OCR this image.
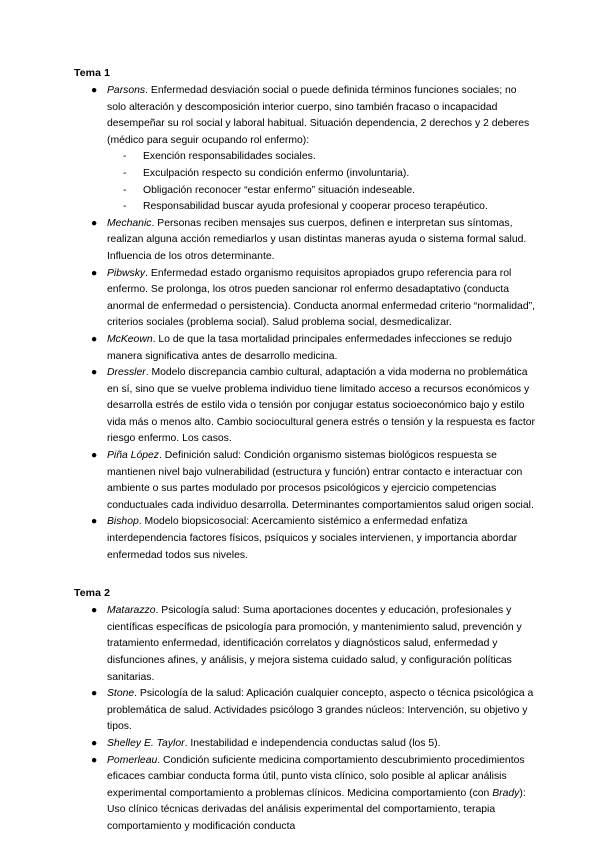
Tema 1
● Parsons. Enfermedad desviación social o puede definida términos funciones sociales; no solo alteración y descomposición interior cuerpo, sino también fracaso o incapacidad desempeñar su rol social y laboral habitual. Situación dependencia, 2 derechos y 2 deberes (médico para seguir ocupando rol enfermo):
- Exención responsabilidades sociales.
- Exculpación respecto su condición enfermo (involuntaria).
- Obligación reconocer “estar enfermo” situación indeseable.
- Responsabilidad buscar ayuda profesional y cooperar proceso terapéutico.
● Mechanic. Personas reciben mensajes sus cuerpos, definen e interpretan sus síntomas, realizan alguna acción remediarlos y usan distintas maneras ayuda o sistema formal salud. Influencia de los otros determinante.
● Pibwsky. Enfermedad estado organismo requisitos apropiados grupo referencia para rol enfermo. Se prolonga, los otros pueden sancionar rol enfermo desadaptativo (conducta anormal de enfermedad o persistencia). Conducta anormal enfermedad criterio “normalidad”, criterios sociales (problema social). Salud problema social, desmedicalizar.
● McKeown. Lo de que la tasa mortalidad principales enfermedades infecciones se redujo manera significativa antes de desarrollo medicina.
● Dressler. Modelo discrepancia cambio cultural, adaptación a vida moderna no problemática en sí, sino que se vuelve problema individuo tiene limitado acceso a recursos económicos y desarrolla estrés de estilo vida o tensión por conjugar estatus socioeconómico bajo y estilo vida más o menos alto. Cambio sociocultural genera estrés o tensión y la respuesta es factor riesgo enfermo. Los casos.
● Piña López. Definición salud: Condición organismo sistemas biológicos respuesta se mantienen nivel bajo vulnerabilidad (estructura y función) entrar contacto e interactuar con ambiente o sus partes modulado por procesos psicológicos y ejercicio competencias conductuales cada individuo desarrolla. Determinantes comportamientos salud origen social.
● Bishop. Modelo biopsicosocial: Acercamiento sistémico a enfermedad enfatiza interdependencia factores físicos, psíquicos y sociales intervienen, y importancia abordar enfermedad todos sus niveles.
Tema 2
● Matarazzo. Psicología salud: Suma aportaciones docentes y educación, profesionales y científicas específicas de psicología para promoción, y mantenimiento salud, prevención y tratamiento enfermedad, identificación correlatos y diagnósticos salud, enfermedad y disfunciones afines, y análisis, y mejora sistema cuidado salud, y configuración políticas sanitarias.
● Stone. Psicología de la salud: Aplicación cualquier concepto, aspecto o técnica psicológica a problemática de salud. Actividades psicólogo 3 grandes núcleos: Intervención, su objetivo y tipos.
● Shelley E. Taylor. Inestabilidad e independencia conductas salud (los 5).
● Pomerleau. Condición suficiente medicina comportamiento descubrimiento procedimientos eficaces cambiar conducta forma útil, punto vista clínico, solo posible al aplicar análisis experimental comportamiento a problemas clínicos. Medicina comportamiento (con Brady): Uso clínico técnicas derivadas del análisis experimental del comportamiento, terapia comportamiento y modificación conducta
